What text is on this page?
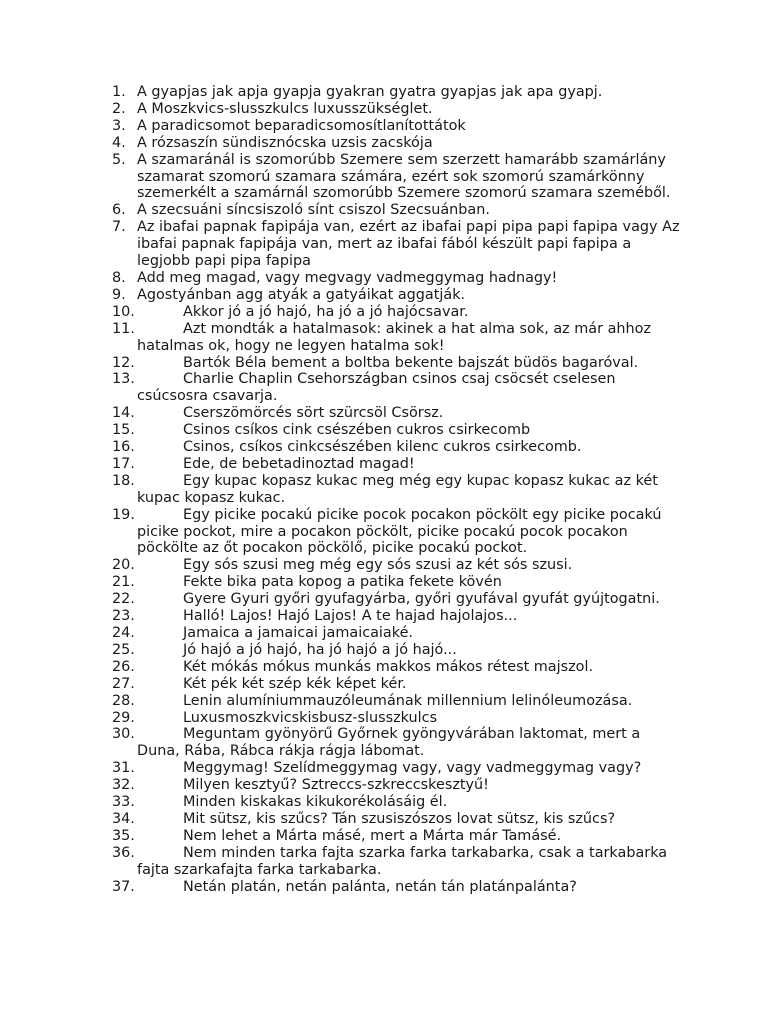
1. A gyapjas jak apja gyapja gyakran gyatra gyapjas jak apa gyapj.
2. A Moszkvics-slusszkulcs luxusszükséglet.
3. A paradicsomot beparadicsomosítlanítottátok
4. A rózsaszín sündisznócska uzsis zacskója
5. A szamaránál is szomorúbb Szemere sem szerzett hamarább szamárlány szamarat szomorú szamara számára, ezért sok szomorú szamárkönny szemerkélt a szamárnál szomorúbb Szemere szomorú szamara szeméből.
6. A szecsuáni síncsiszoló sínt csiszol Szecsuánban.
7. Az ibafai papnak fapipája van, ezért az ibafai papi pipa papi fapipa vagy Az ibafai papnak fapipája van, mert az ibafai fából készült papi fapipa a legjobb papi pipa fapipa
8. Add meg magad, vagy megvagy vadmeggymag hadnagy!
9. Agostyánban agg atyák a gatyáikat aggatják.
10.	Akkor jó a jó hajó, ha jó a jó hajócsavar.
11.	Azt mondták a hatalmasok: akinek a hat alma sok, az már ahhoz hatalmas ok, hogy ne legyen hatalma sok!
12.	Bartók Béla bement a boltba bekente bajszát büdös bagaróval.
13.	Charlie Chaplin Csehországban csinos csaj csöcsét cselesen csúcsosra csavarja.
14.	Cserszömörcés sört szürcsöl Csörsz.
15.	Csinos csíkos cink csészében cukros csirkecomb
16.	Csinos, csíkos cinkcsészében kilenc cukros csirkecomb.
17.	Ede, de bebetadinoztad magad!
18.	Egy kupac kopasz kukac meg még egy kupac kopasz kukac az két kupac kopasz kukac.
19.	Egy picike pocakú picike pocok pocakon pöckölt egy picike pocakú picike pockot, mire a pocakon pöckölt, picike pocakú pocok pocakon pöckölte az őt pocakon pöckölő, picike pocakú pockot.
20.	Egy sós szusi meg még egy sós szusi az két sós szusi.
21.	Fekte bika pata kopog a patika fekete kövén
22.	Gyere Gyuri győri gyufagyárba, győri gyufával gyufát gyújtogatni.
23.	Halló! Lajos! Hajó Lajos! A te hajad hajolajos...
24.	Jamaica a jamaicai jamaicaiaké.
25.	Jó hajó a jó hajó, ha jó hajó a jó hajó...
26.	Két mókás mókus munkás makkos mákos rétest majszol.
27.	Két pék két szép kék képet kér.
28.	Lenin alumíniummauzóleumának millennium lelinóleumozása.
29.	Luxusmoszkvicskisbusz-slusszkulcs
30.	Meguntam gyönyörű Győrnek gyöngyvárában laktomat, mert a Duna, Rába, Rábca rákja rágja lábomat.
31.	Meggymag! Szelídmeggymag vagy, vagy vadmeggymag vagy?
32.	Milyen kesztyű? Sztreccs-szkreccskesztyű!
33.	Minden kiskakas kikukorékolásáig él.
34.	Mit sütsz, kis szűcs? Tán szusiszószos lovat sütsz, kis szűcs?
35.	Nem lehet a Márta másé, mert a Márta már Tamásé.
36.	Nem minden tarka fajta szarka farka tarkabarka, csak a tarkabarka fajta szarkafajta farka tarkabarka.
37.	Netán platán, netán palánta, netán tán platánpalánta?
